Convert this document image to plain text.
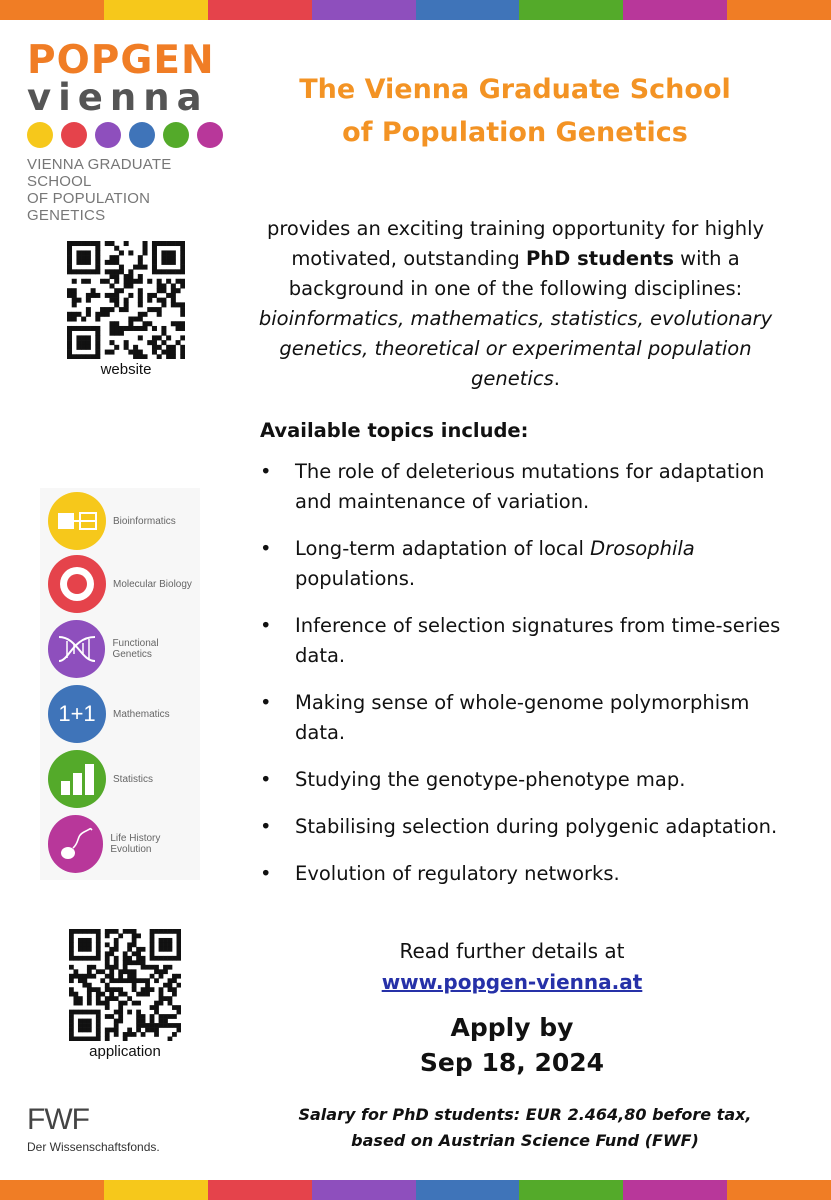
POPGEN
vienna
VIENNA GRADUATE SCHOOL
OF POPULATION GENETICS
The Vienna Graduate School
of Population Genetics
website
provides an exciting training opportunity for highly motivated, outstanding PhD students with a background in one of the following disciplines: bioinformatics, mathematics, statistics, evolutionary genetics, theoretical or experimental population genetics.
Available topics include:
• The role of deleterious mutations for adaptation and maintenance of variation.
• Long-term adaptation of local Drosophila populations.
• Inference of selection signatures from time-series data.
• Making sense of whole-genome polymorphism data.
• Studying the genotype-phenotype map.
• Stabilising selection during polygenic adaptation.
• Evolution of regulatory networks.
Bioinformatics
Molecular Biology
Functional Genetics
1+1 Mathematics
Statistics
Life History Evolution
application
Read further details at
www.popgen-vienna.at
Apply by
Sep 18, 2024
FWF
Der Wissenschaftsfonds.
Salary for PhD students: EUR 2.464,80 before tax,
based on Austrian Science Fund (FWF)
